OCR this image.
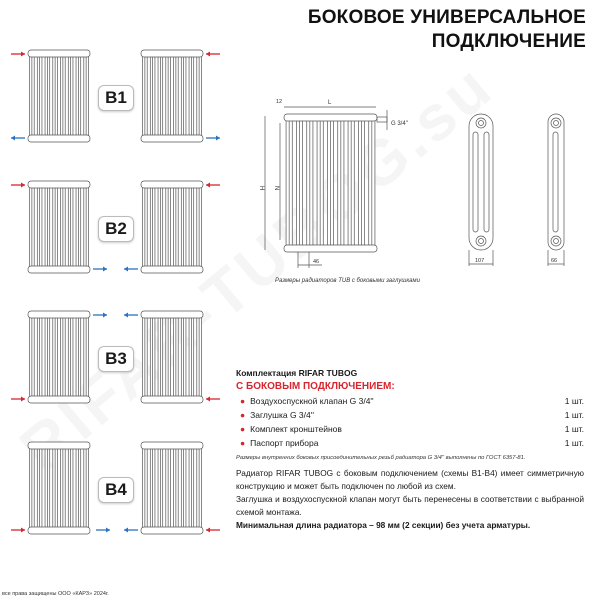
БОКОВОЕ УНИВЕРСАЛЬНОЕ
ПОДКЛЮЧЕНИЕ
B1
B2
B3
B4
L
12
H N
46
G 3/4''
107	66
Размеры радиаторов TUB с боковыми заглушками
Комплектация RIFAR TUBOG
С БОКОВЫМ ПОДКЛЮЧЕНИЕМ:
● Воздухоспускной клапан G 3/4''	1 шт.
● Заглушка G 3/4''	1 шт.
● Комплект кронштейнов	1 шт.
● Паспорт прибора	1 шт.
Размеры внутренних боковых присоединительных резьб радиатора G 3/4'' выполнены по ГОСТ 6357-81.

Радиатор RIFAR TUBOG с боковым подключением (схемы B1-B4) имеет симметричную конструкцию и может быть подключен по любой из схем.

Заглушка и воздухоспускной клапан могут быть перенесены в соответствии с выбранной схемой монтажа.

Минимальная длина радиатора – 98 мм (2 секции) без учета арматуры.

все права защищены ООО «КАРЗ» 2024г.
